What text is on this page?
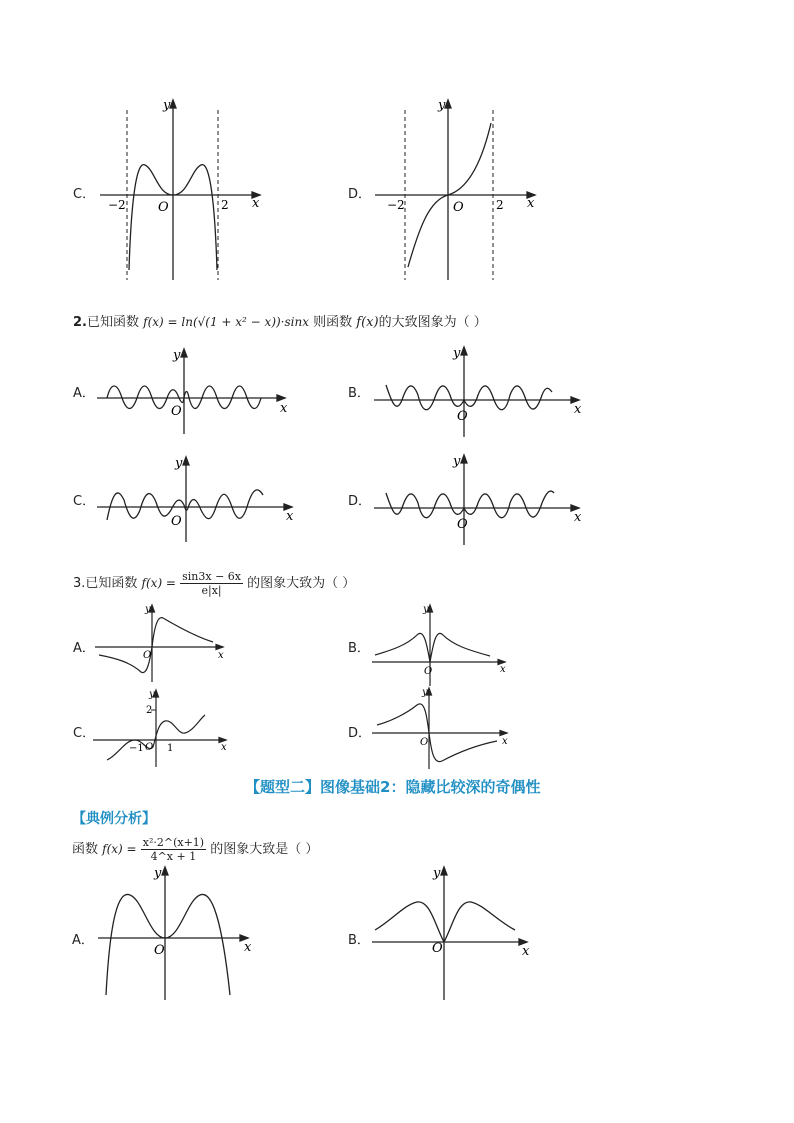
C．
y
x
O
−2	2
D．
y
x
O
−2	2
2.已知函数 f(x) = ln(√(1 + x² − x))·sinx 则函数 f(x)的大致图象为（ ）
A．
y
x
O
B．
y
x
O
C．
y
x
O
D．
y
x
O
3.已知函数 $f(x) = \frac{\sin 3x - 6x}{e|x|}$ 的图象大致为（ ）
A．
y
x
O	B．
y
x
O
C．
y
x
O
2
−1 1
D．
y
x
O
【题型二】图像基础2：隐藏比较深的奇偶性
【典例分析】
函数 $f(x) = \frac{\text{x²·2\textasciicircum{}(x+1)}}{4\^{}x + 1}$ 的图象大致是（ ）
A．
y
x
O
B．
y
x
O
